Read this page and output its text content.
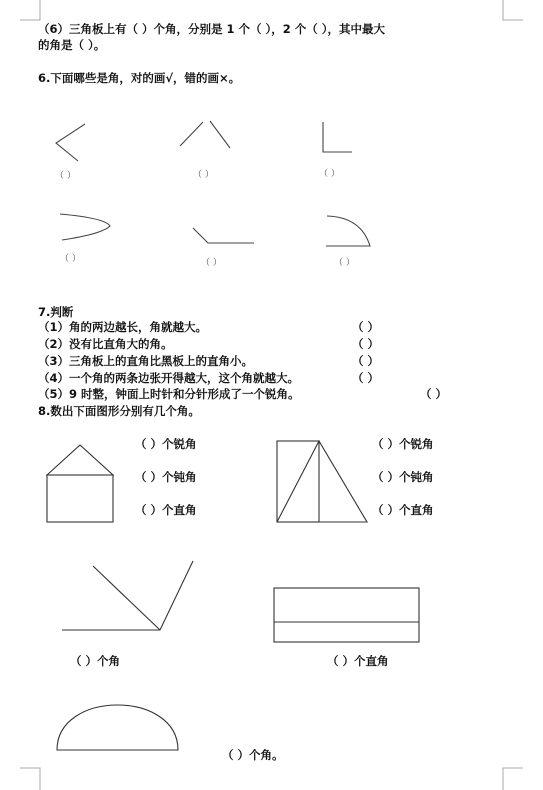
（6）三角板上有（ ）个角，分别是 1 个（ ），2 个（ ），其中最大
的角是（ ）。
6.下面哪些是角，对的画√，错的画×。
（ ）	（ ）	（ ）
（ ）	（ ）	（ ）
7.判断
（1）角的两边越长，角就越大。	（ ）
（2）没有比直角大的角。	（ ）
（3）三角板上的直角比黑板上的直角小。	（ ）
（4）一个角的两条边张开得越大，这个角就越大。	（ ）
（5）9 时整，钟面上时针和分针形成了一个锐角。	（ ）
8.数出下面图形分别有几个角。
（ ）个锐角
（ ）个钝角
（ ）个直角
（ ）个锐角
（ ）个钝角
（ ）个直角
（ ）个角	（ ）个直角
（ ）个角。
